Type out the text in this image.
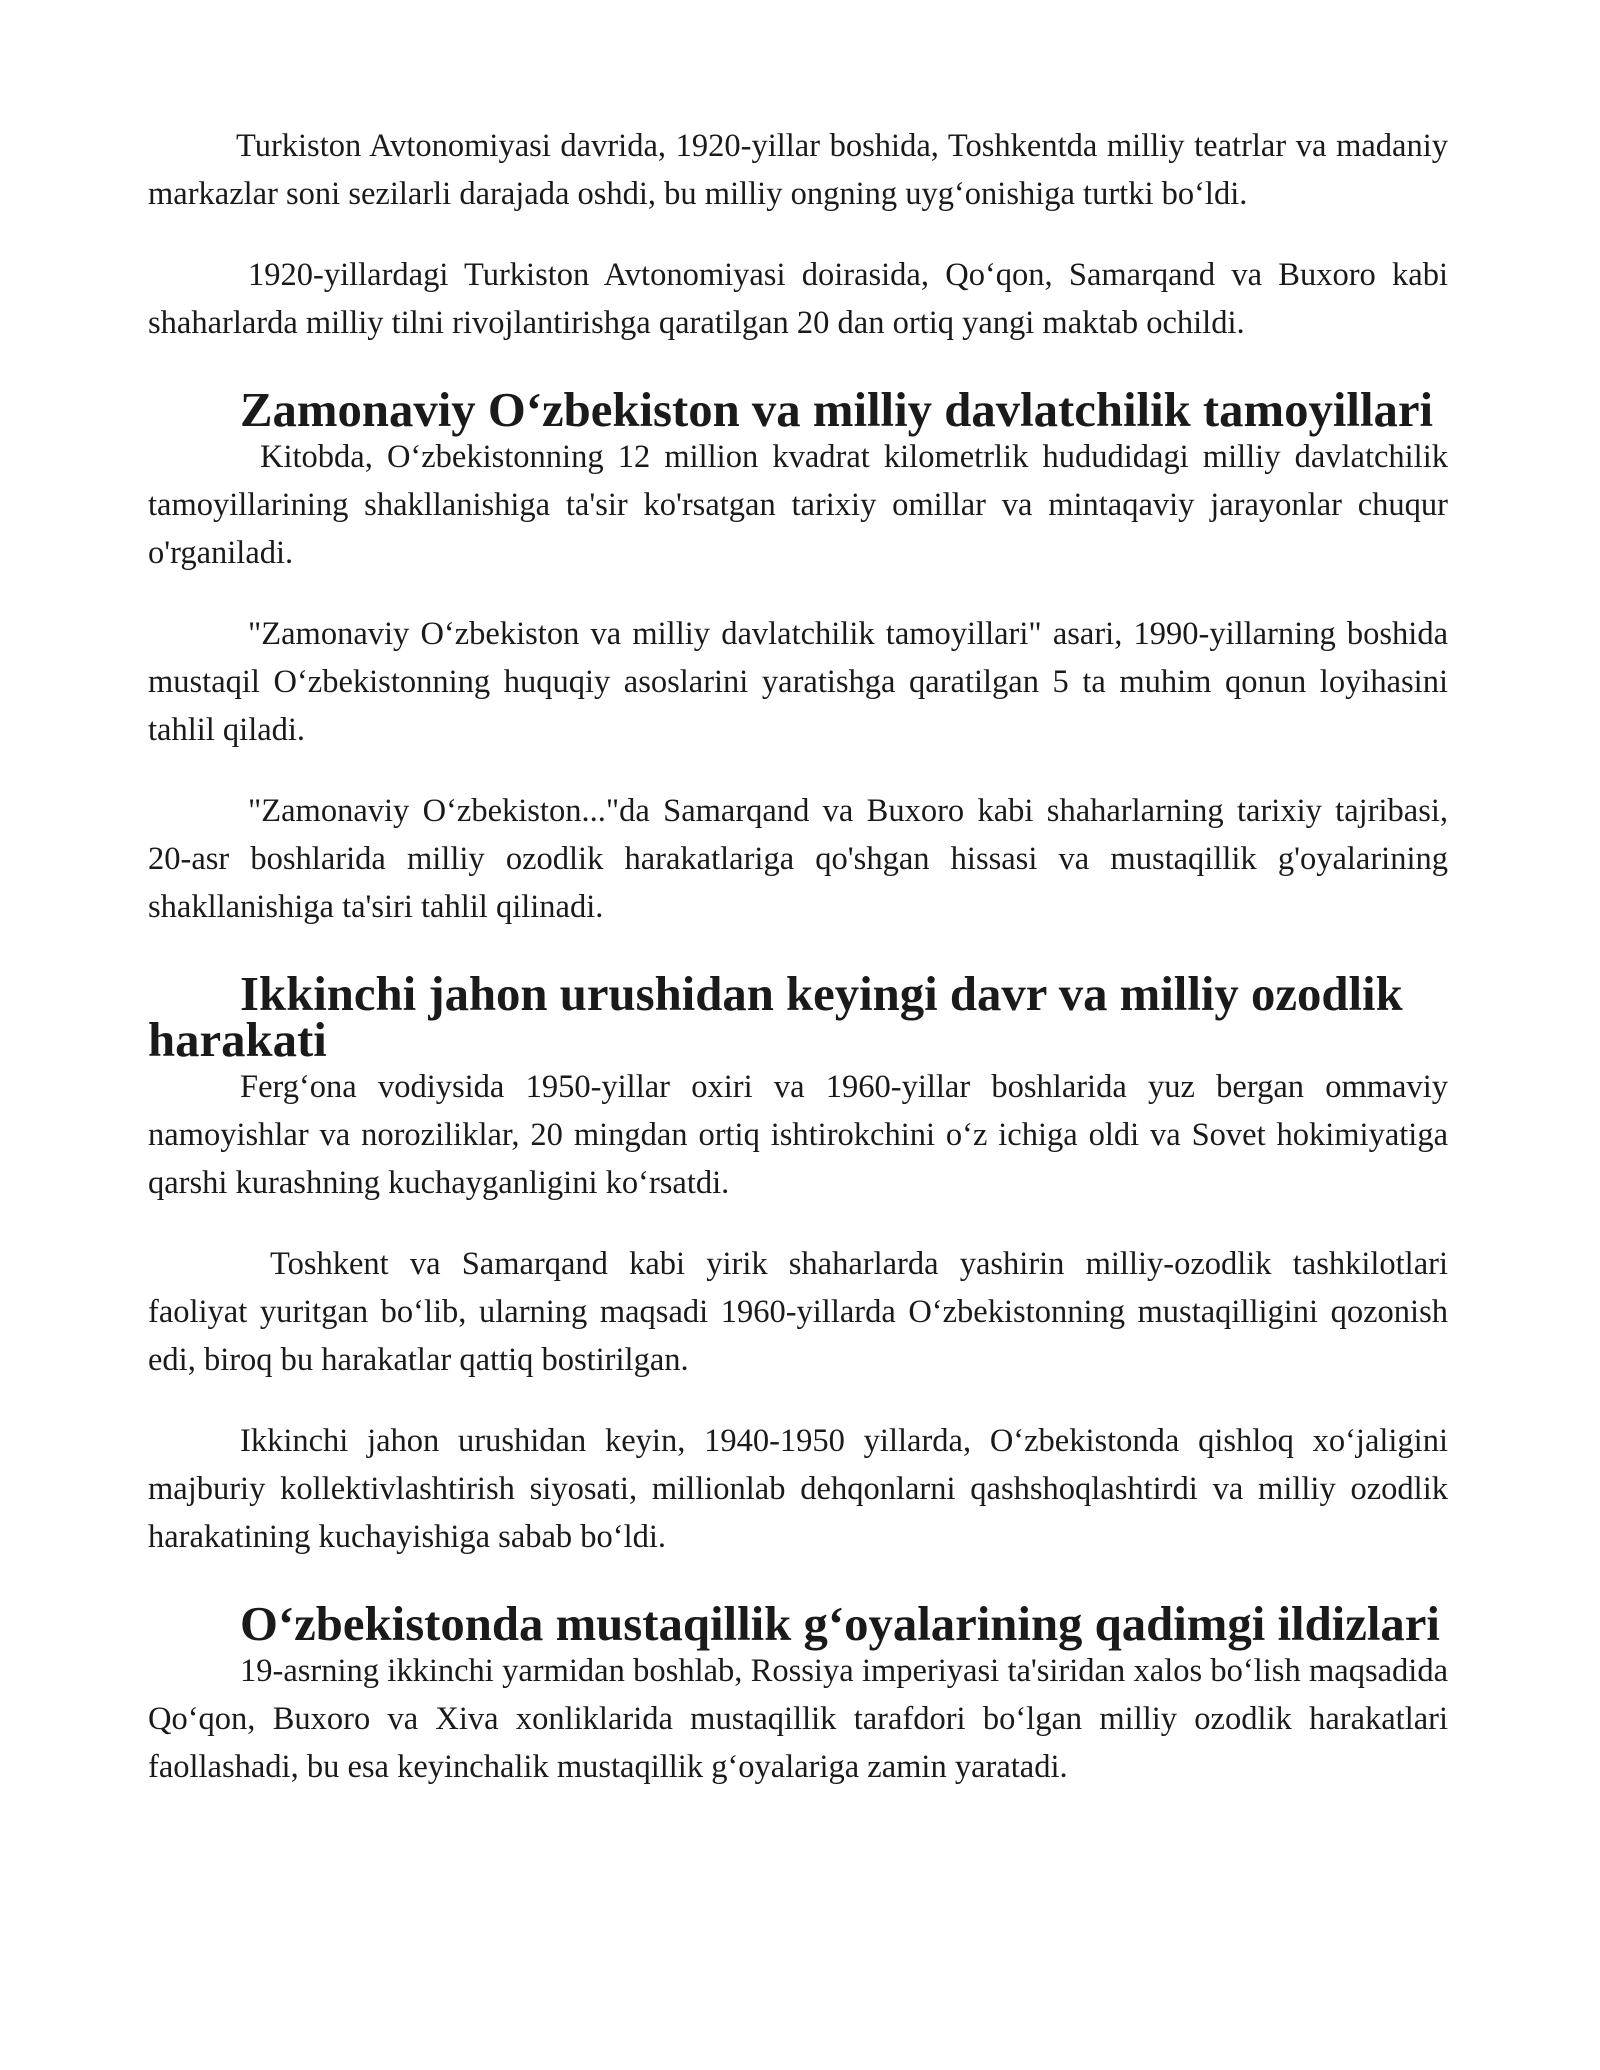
Turkiston Avtonomiyasi davrida, 1920-yillar boshida, Toshkentda milliy teatrlar va madaniy markazlar soni sezilarli darajada oshdi, bu milliy ongning uyg‘onishiga turtki bo‘ldi.

1920-yillardagi Turkiston Avtonomiyasi doirasida, Qo‘qon, Samarqand va Buxoro kabi shaharlarda milliy tilni rivojlantirishga qaratilgan 20 dan ortiq yangi maktab ochildi.

Zamonaviy O‘zbekiston va milliy davlatchilik tamoyillari

Kitobda, O‘zbekistonning 12 million kvadrat kilometrlik hududidagi milliy davlatchilik tamoyillarining shakllanishiga ta'sir ko'rsatgan tarixiy omillar va mintaqaviy jarayonlar chuqur o'rganiladi.

"Zamonaviy O‘zbekiston va milliy davlatchilik tamoyillari" asari, 1990-yillarning boshida mustaqil O‘zbekistonning huquqiy asoslarini yaratishga qaratilgan 5 ta muhim qonun loyihasini tahlil qiladi.

"Zamonaviy O‘zbekiston..."da Samarqand va Buxoro kabi shaharlarning tarixiy tajribasi, 20-asr boshlarida milliy ozodlik harakatlariga qo'shgan hissasi va mustaqillik g'oyalarining shakllanishiga ta'siri tahlil qilinadi.

Ikkinchi jahon urushidan keyingi davr va milliy ozodlik harakati

Ferg‘ona vodiysida 1950-yillar oxiri va 1960-yillar boshlarida yuz bergan ommaviy namoyishlar va noroziliklar, 20 mingdan ortiq ishtirokchini o‘z ichiga oldi va Sovet hokimiyatiga qarshi kurashning kuchayganligini ko‘rsatdi.

Toshkent va Samarqand kabi yirik shaharlarda yashirin milliy-ozodlik tashkilotlari faoliyat yuritgan bo‘lib, ularning maqsadi 1960-yillarda O‘zbekistonning mustaqilligini qozonish edi, biroq bu harakatlar qattiq bostirilgan.

Ikkinchi jahon urushidan keyin, 1940-1950 yillarda, O‘zbekistonda qishloq xo‘jaligini majburiy kollektivlashtirish siyosati, millionlab dehqonlarni qashshoqlashtirdi va milliy ozodlik harakatining kuchayishiga sabab bo‘ldi.

O‘zbekistonda mustaqillik g‘oyalarining qadimgi ildizlari

19-asrning ikkinchi yarmidan boshlab, Rossiya imperiyasi ta'siridan xalos bo‘lish maqsadida Qo‘qon, Buxoro va Xiva xonliklarida mustaqillik tarafdori bo‘lgan milliy ozodlik harakatlari faollashadi, bu esa keyinchalik mustaqillik g‘oyalariga zamin yaratadi.
